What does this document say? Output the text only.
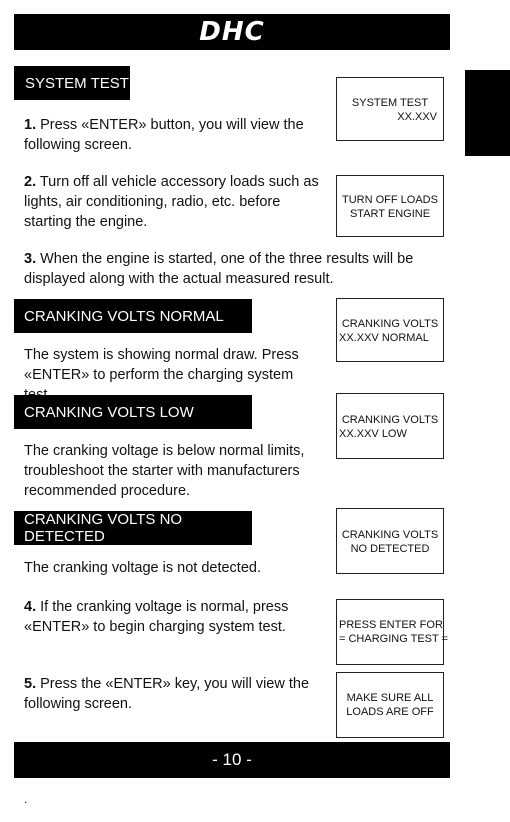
DHC
SYSTEM TEST
1. Press «ENTER» button, you will view the following screen.
SYSTEM TEST
XX.XXV
2. Turn off all vehicle accessory loads such as lights, air conditioning, radio, etc. before starting the engine.
TURN OFF LOADS
START ENGINE
3. When the engine is started, one of the three results will be displayed along with the actual measured result.
CRANKING VOLTS NORMAL
The system is showing normal draw. Press «ENTER» to perform the charging system
CRANKING VOLTS
XX.XXV NORMAL
CRANKING VOLTS LOW
The cranking voltage is below normal limits, troubleshoot the starter with manufacturers recommended procedure.
CRANKING VOLTS
XX.XXV LOW
CRANKING VOLTS NO DETECTED
The cranking voltage is not detected.
CRANKING VOLTS
NO DETECTED
4. If the cranking voltage is normal, press «ENTER» to begin charging system test.	PRESS ENTER FOR
= CHARGING TEST =
5. Press the «ENTER» key, you will view the following screen.	MAKE SURE ALL
LOADS ARE OFF
- 10 -
.
